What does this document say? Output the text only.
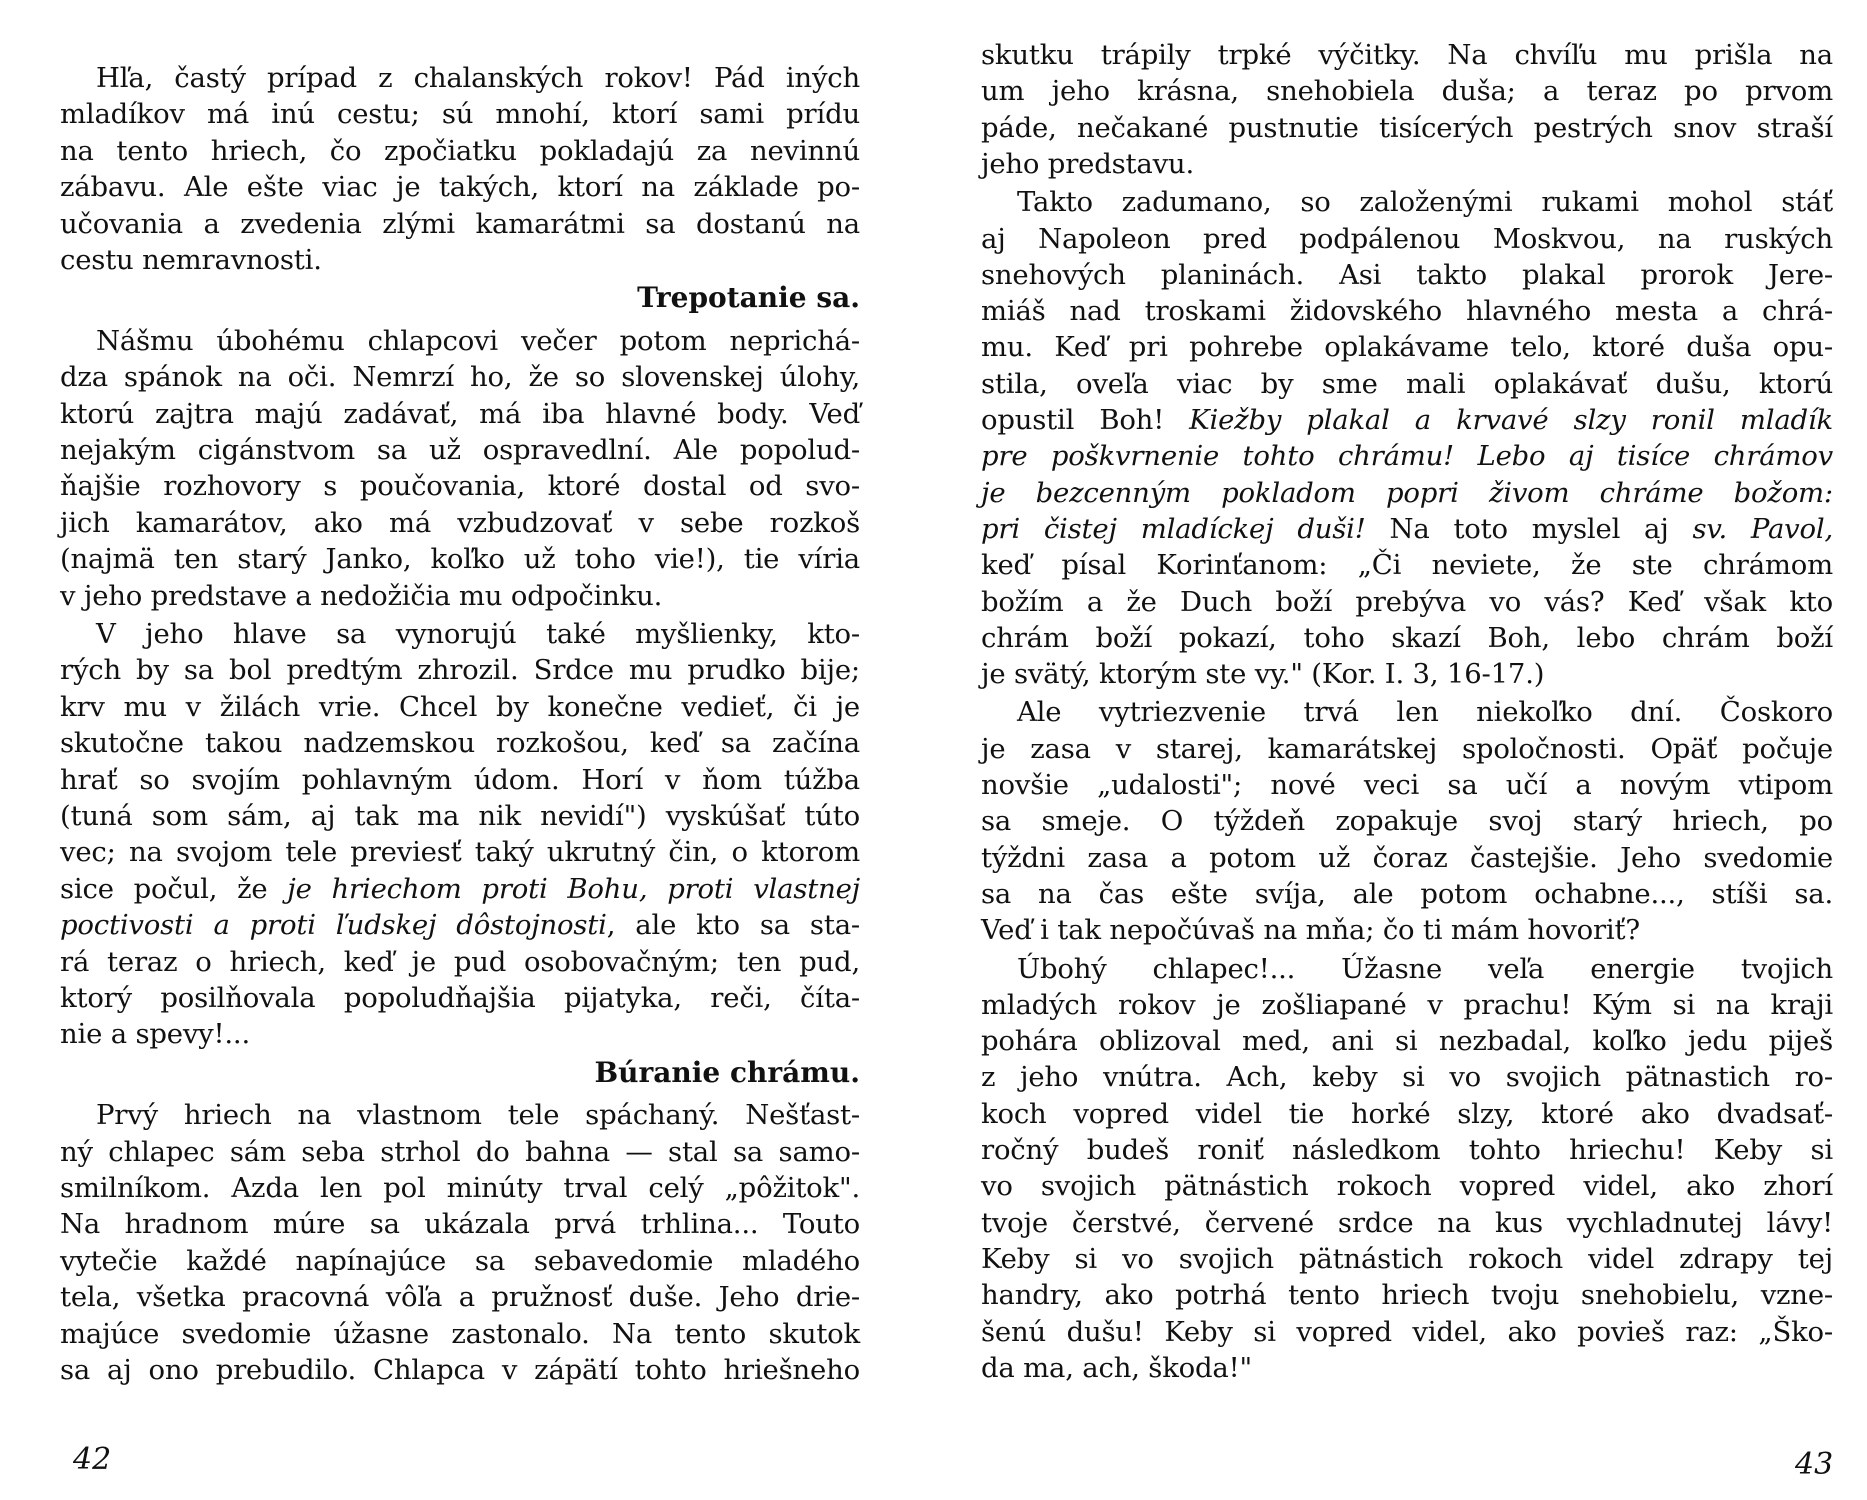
Hľa, častý prípad z chalanských rokov! Pád iných
mladíkov má inú cestu; sú mnohí, ktorí sami prídu
na tento hriech, čo zpočiatku pokladajú za nevinnú
zábavu. Ale ešte viac je takých, ktorí na základe po-
učovania a zvedenia zlými kamarátmi sa dostanú na
cestu nemravnosti.
Trepotanie sa.
Nášmu úbohému chlapcovi večer potom neprichá-
dza spánok na oči. Nemrzí ho, že so slovenskej úlohy,
ktorú zajtra majú zadávať, má iba hlavné body. Veď
nejakým cigánstvom sa už ospravedlní. Ale popolud-
ňajšie rozhovory s poučovania, ktoré dostal od svo-
jich kamarátov, ako má vzbudzovať v sebe rozkoš
(najmä ten starý Janko, koľko už toho vie!), tie víria
v jeho predstave a nedožičia mu odpočinku.
V jeho hlave sa vynorujú také myšlienky, kto-
rých by sa bol predtým zhrozil. Srdce mu prudko bije;
krv mu v žilách vrie. Chcel by konečne vedieť, či je
skutočne takou nadzemskou rozkošou, keď sa začína
hrať so svojím pohlavným údom. Horí v ňom túžba
(tuná som sám, aj tak ma nik nevidí") vyskúšať túto
vec; na svojom tele previesť taký ukrutný čin, o ktorom
sice počul, že je hriechom proti Bohu, proti vlastnej
poctivosti a proti ľudskej dôstojnosti, ale kto sa sta-
rá teraz o hriech, keď je pud osobovačným; ten pud,
ktorý posilňovala popoludňajšia pijatyka, reči, číta-
nie a spevy!...
Búranie chrámu.
Prvý hriech na vlastnom tele spáchaný. Nešťast-
ný chlapec sám seba strhol do bahna — stal sa samo-
smilníkom. Azda len pol minúty trval celý „pôžitok".
Na hradnom múre sa ukázala prvá trhlina... Touto
vytečie každé napínajúce sa sebavedomie mladého
tela, všetka pracovná vôľa a pružnosť duše. Jeho drie-
majúce svedomie úžasne zastonalo. Na tento skutok
sa aj ono prebudilo. Chlapca v zápätí tohto hriešneho
42
skutku trápily trpké výčitky. Na chvíľu mu prišla na
um jeho krásna, snehobiela duša; a teraz po prvom
páde, nečakané pustnutie tisícerých pestrých snov straší
jeho predstavu.
Takto zadumano, so založenými rukami mohol stáť
aj Napoleon pred podpálenou Moskvou, na ruských
snehových planinách. Asi takto plakal prorok Jere-
miáš nad troskami židovského hlavného mesta a chrá-
mu. Keď pri pohrebe oplakávame telo, ktoré duša opu-
stila, oveľa viac by sme mali oplakávať dušu, ktorú
opustil Boh! Kiežby plakal a krvavé slzy ronil mladík
pre poškvrnenie tohto chrámu! Lebo aj tisíce chrámov
je bezcenným pokladom popri živom chráme božom:
pri čistej mladíckej duši! Na toto myslel aj sv. Pavol,
keď písal Korinťanom: „Či neviete, že ste chrámom
božím a že Duch boží prebýva vo vás? Keď však kto
chrám boží pokazí, toho skazí Boh, lebo chrám boží
je svätý, ktorým ste vy." (Kor. I. 3, 16-17.)
Ale vytriezvenie trvá len niekoľko dní. Čoskoro
je zasa v starej, kamarátskej spoločnosti. Opäť počuje
novšie „udalosti"; nové veci sa učí a novým vtipom
sa smeje. O týždeň zopakuje svoj starý hriech, po
týždni zasa a potom už čoraz častejšie. Jeho svedomie
sa na čas ešte svíja, ale potom ochabne..., stíši sa.
Veď i tak nepočúvaš na mňa; čo ti mám hovoriť?
Úbohý chlapec!... Úžasne veľa energie tvojich
mladých rokov je zošliapané v prachu! Kým si na kraji
pohára oblizoval med, ani si nezbadal, koľko jedu piješ
z jeho vnútra. Ach, keby si vo svojich pätnastich ro-
koch vopred videl tie horké slzy, ktoré ako dvadsať-
ročný budeš roniť následkom tohto hriechu! Keby si
vo svojich pätnástich rokoch vopred videl, ako zhorí
tvoje čerstvé, červené srdce na kus vychladnutej lávy!
Keby si vo svojich pätnástich rokoch videl zdrapy tej
handry, ako potrhá tento hriech tvoju snehobielu, vzne-
šenú dušu! Keby si vopred videl, ako povieš raz: „Ško-
da ma, ach, škoda!"
43
